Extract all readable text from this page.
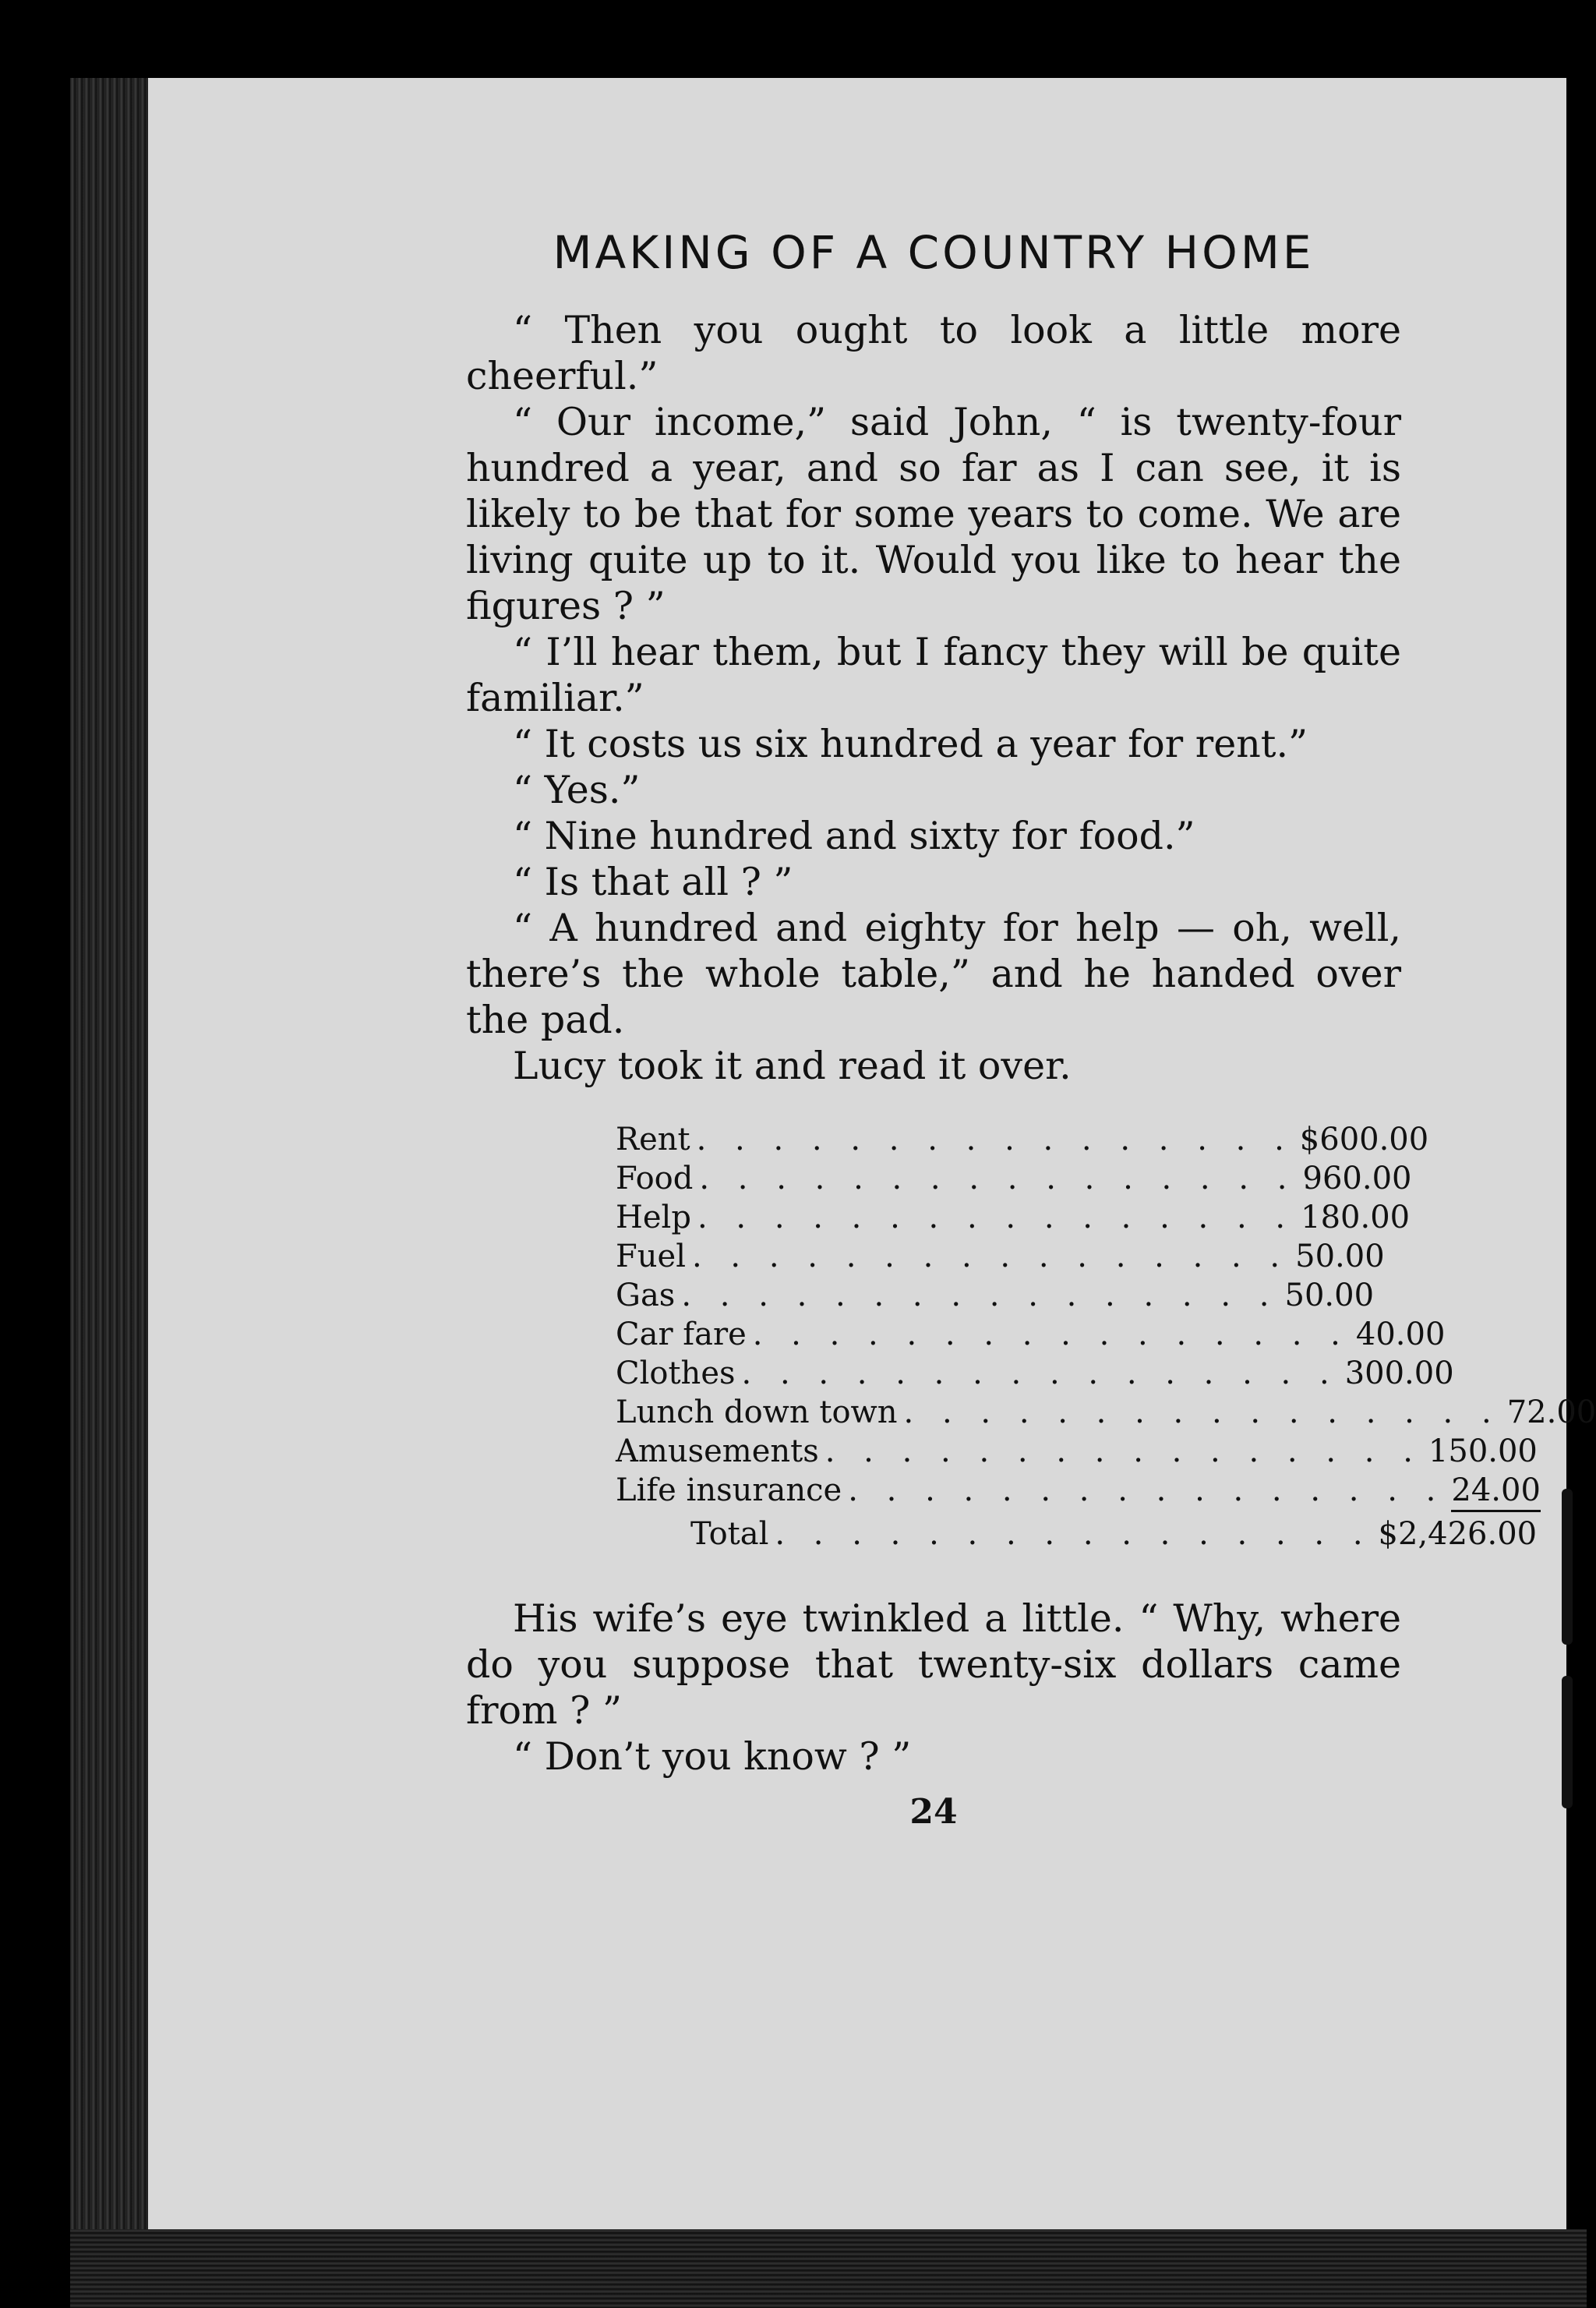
MAKING OF A COUNTRY HOME

“ Then you ought to look a little more cheerful.”

“ Our income,” said John, “ is twenty-four hundred a year, and so far as I can see, it is likely to be that for some years to come. We are living quite up to it. Would you like to hear the figures ? ”

“ I’ll hear them, but I fancy they will be quite familiar.”

“ It costs us six hundred a year for rent.”

“ Yes.”

“ Nine hundred and sixty for food.”

“ Is that all ? ”

“ A hundred and eighty for help — oh, well, there’s the whole table,” and he handed over the pad.

Lucy took it and read it over.

Rent . . . . . . . . . . . . . . . . $600.00
Food . . . . . . . . . . . . . . . . 960.00
Help . . . . . . . . . . . . . . . . 180.00
Fuel . . . . . . . . . . . . . . . . 50.00
Gas . . . . . . . . . . . . . . . . 50.00
Car fare . . . . . . . . . . . . . . . . 40.00
Clothes . . . . . . . . . . . . . . . . 300.00
Lunch down town . . . . . . . . . . . . . . . . 72.00
Amusements . . . . . . . . . . . . . . . . 150.00
Life insurance . . . . . . . . . . . . . . . . 24.00
Total . . . . . . . . . . . . . . . . $2,426.00

His wife’s eye twinkled a little. “ Why, where do you suppose that twenty-six dollars came from ? ”

“ Don’t you know ? ”

24
